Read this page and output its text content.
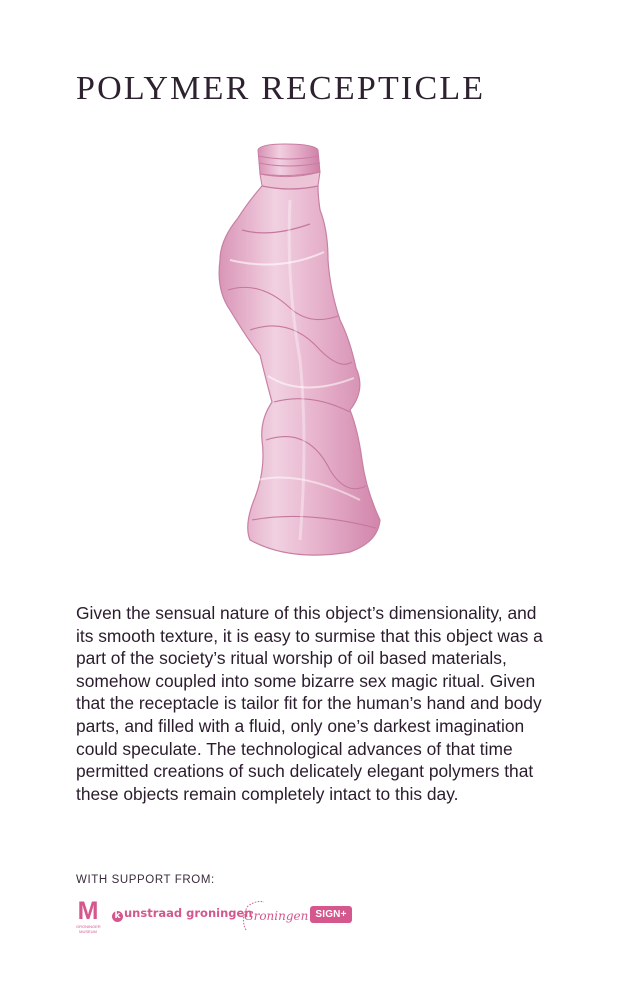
POLYMER RECEPTICLE

Given the sensual nature of this object’s dimensionality, and its smooth texture, it is easy to surmise that this object was a part of the society’s ritual worship of oil based materials, somehow coupled into some bizarre sex magic ritual. Given that the receptacle is tailor fit for the human’s hand and body parts, and filled with a fluid, only one’s darkest imagination could speculate. The technological advances of that time permitted creations of such delicately elegant polymers that these objects remain completely intact to this day.

WITH SUPPORT FROM:
M
GRONINGER MUSEUM
k unstraad groningen
Groningen SIGN+
